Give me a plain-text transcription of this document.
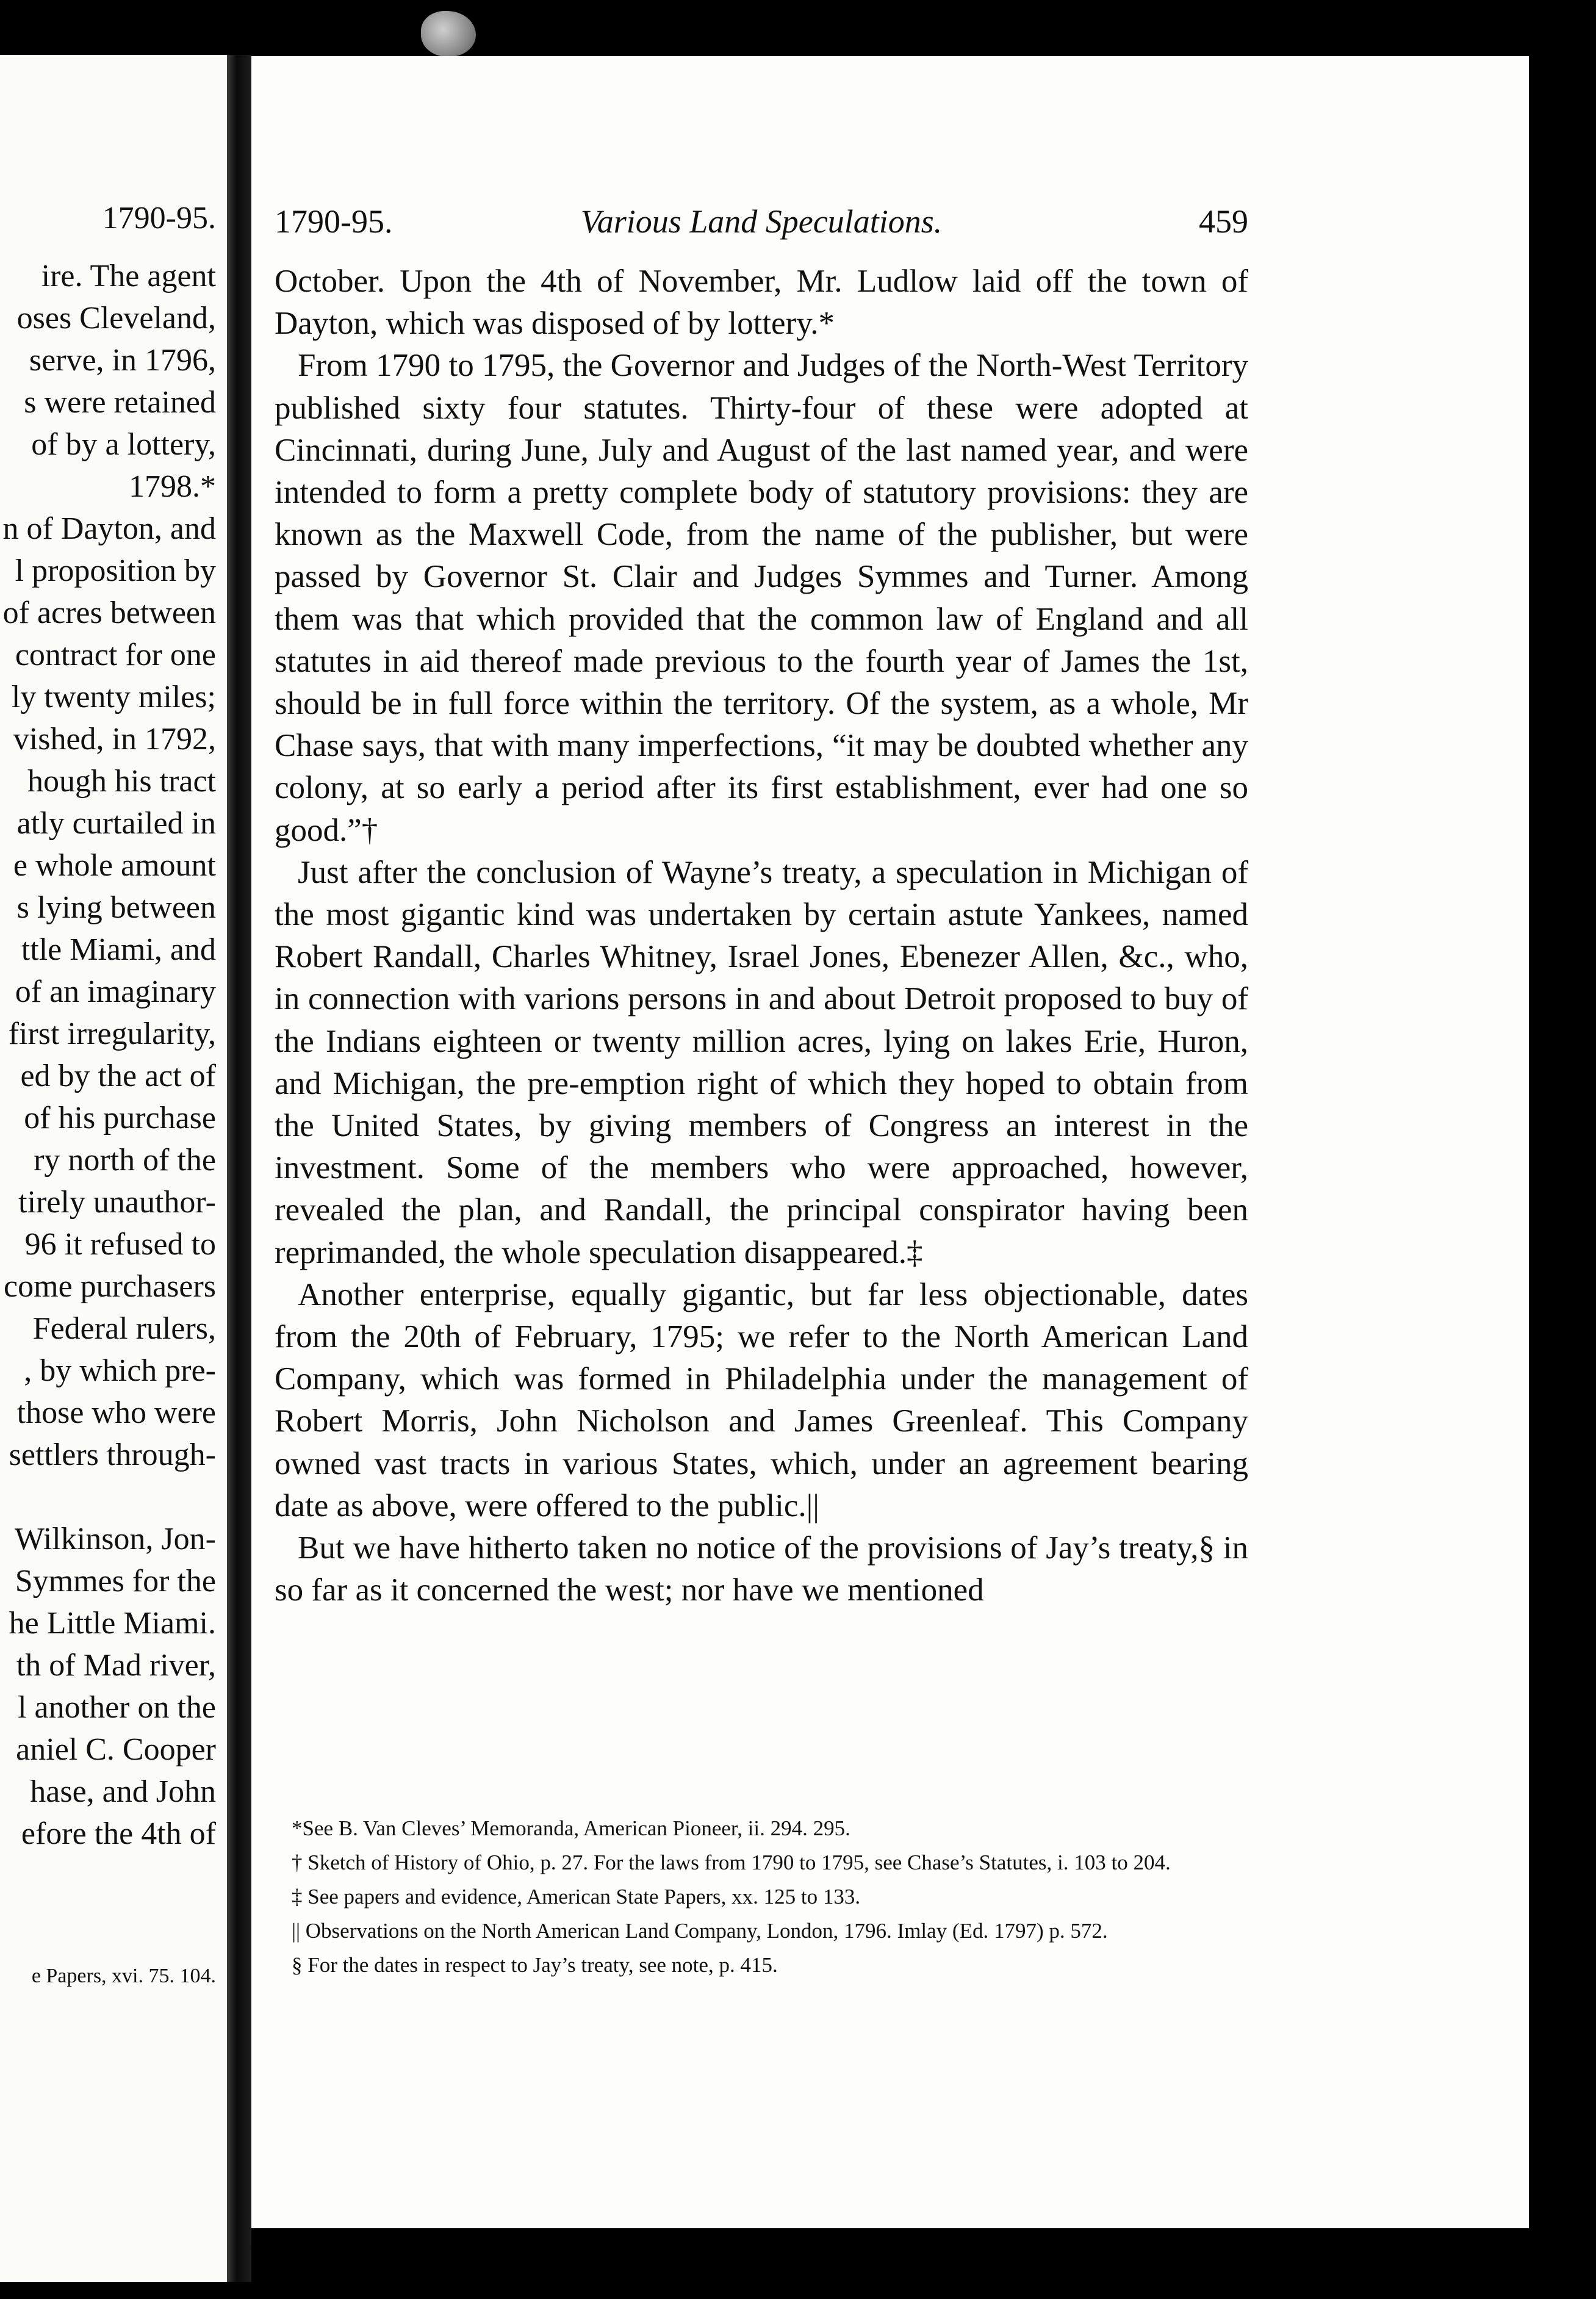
1790-95.
ire. The agent
oses Cleveland,
serve, in 1796,
s were retained
of by a lottery,
1798.*
n of Dayton, and
l proposition by
of acres between
contract for one
ly twenty miles;
vished, in 1792,
hough his tract
atly curtailed in
e whole amount
s lying between
ttle Miami, and
of an imaginary
first irregularity,
ed by the act of
of his purchase
ry north of the
tirely unauthor-
96 it refused to
come purchasers
Federal rulers,
, by which pre-
those who were
settlers through-
Wilkinson, Jon-
Symmes for the
he Little Miami.
th of Mad river,
l another on the
aniel C. Cooper
hase, and John
efore the 4th of
e Papers, xvi. 75. 104.
1790-95.	Various Land Speculations.	459

October. Upon the 4th of November, Mr. Ludlow laid off the town of Dayton, which was disposed of by lottery.*

From 1790 to 1795, the Governor and Judges of the North-West Territory published sixty four statutes. Thirty-four of these were adopted at Cincinnati, during June, July and August of the last named year, and were intended to form a pretty complete body of statutory provisions: they are known as the Maxwell Code, from the name of the publisher, but were passed by Governor St. Clair and Judges Symmes and Turner. Among them was that which provided that the common law of England and all statutes in aid thereof made previous to the fourth year of James the 1st, should be in full force within the territory. Of the system, as a whole, Mr Chase says, that with many imperfections, “it may be doubted whether any colony, at so early a period after its first establishment, ever had one so good.”†

Just after the conclusion of Wayne’s treaty, a speculation in Michigan of the most gigantic kind was undertaken by certain astute Yankees, named Robert Randall, Charles Whitney, Israel Jones, Ebenezer Allen, &c., who, in connection with varions persons in and about Detroit proposed to buy of the Indians eighteen or twenty million acres, lying on lakes Erie, Huron, and Michigan, the pre-emption right of which they hoped to obtain from the United States, by giving members of Congress an interest in the investment. Some of the members who were approached, however, revealed the plan, and Randall, the principal conspirator having been reprimanded, the whole speculation disappeared.‡

Another enterprise, equally gigantic, but far less objectionable, dates from the 20th of February, 1795; we refer to the North American Land Company, which was formed in Philadelphia under the management of Robert Morris, John Nicholson and James Greenleaf. This Company owned vast tracts in various States, which, under an agreement bearing date as above, were offered to the public.||

But we have hitherto taken no notice of the provisions of Jay’s treaty,§ in so far as it concerned the west; nor have we mentioned

*See B. Van Cleves’ Memoranda, American Pioneer, ii. 294. 295.

† Sketch of History of Ohio, p. 27. For the laws from 1790 to 1795, see Chase’s Statutes, i. 103 to 204.

‡ See papers and evidence, American State Papers, xx. 125 to 133.

|| Observations on the North American Land Company, London, 1796. Imlay (Ed. 1797) p. 572.

§ For the dates in respect to Jay’s treaty, see note, p. 415.
